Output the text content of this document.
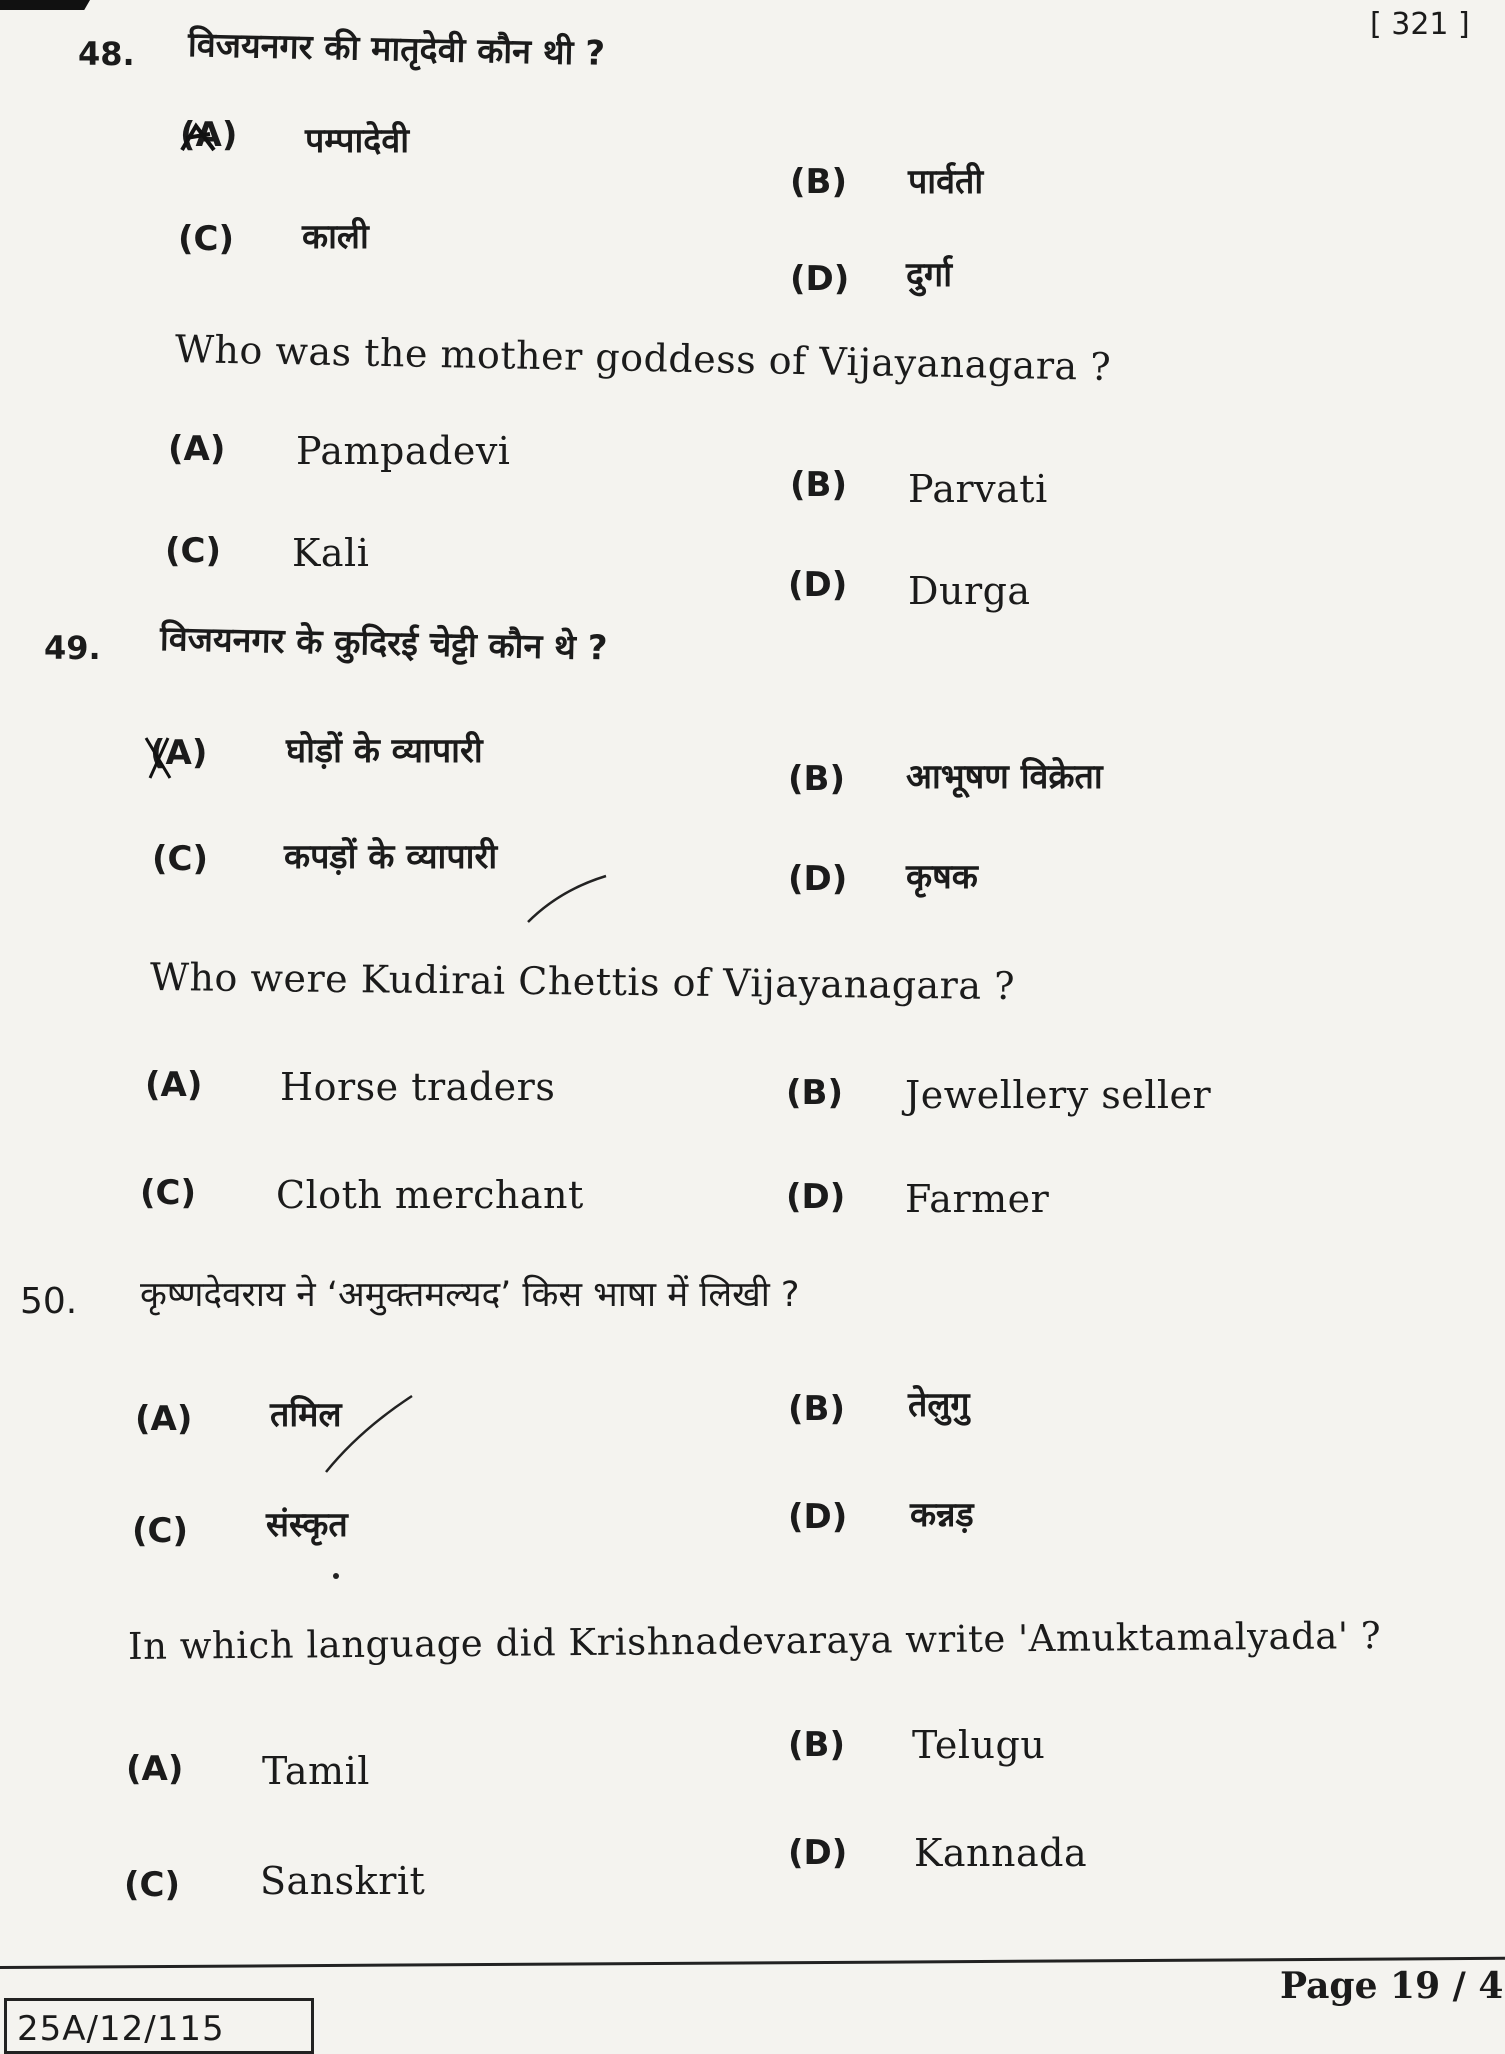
[ 321 ]
48. विजयनगर की मातृदेवी कौन थी ?
(A) पम्पादेवी
(B) पार्वती
(C) काली
(D) दुर्गा
Who was the mother goddess of Vijayanagara ?
(A) Pampadevi
(B) Parvati
(C) Kali
(D) Durga
49. विजयनगर के कुदिरई चेट्टी कौन थे ?
(A) घोड़ों के व्यापारी
(B) आभूषण विक्रेता
(C) कपड़ों के व्यापारी
(D) कृषक
Who were Kudirai Chettis of Vijayanagara ?
(A) Horse traders	(B) Jewellery seller
(C) Cloth merchant	(D) Farmer
50. कृष्णदेवराय ने ‘अमुक्तमल्यद’ किस भाषा में लिखी ?
(A) तमिल	(B) तेलुगु
(C) संस्कृत	(D) कन्नड़
In which language did Krishnadevaraya write 'Amuktamalyada' ?
(A) Tamil
(B) Telugu
(C) Sanskrit
(D) Kannada
25A/12/115
Page 19 / 4
